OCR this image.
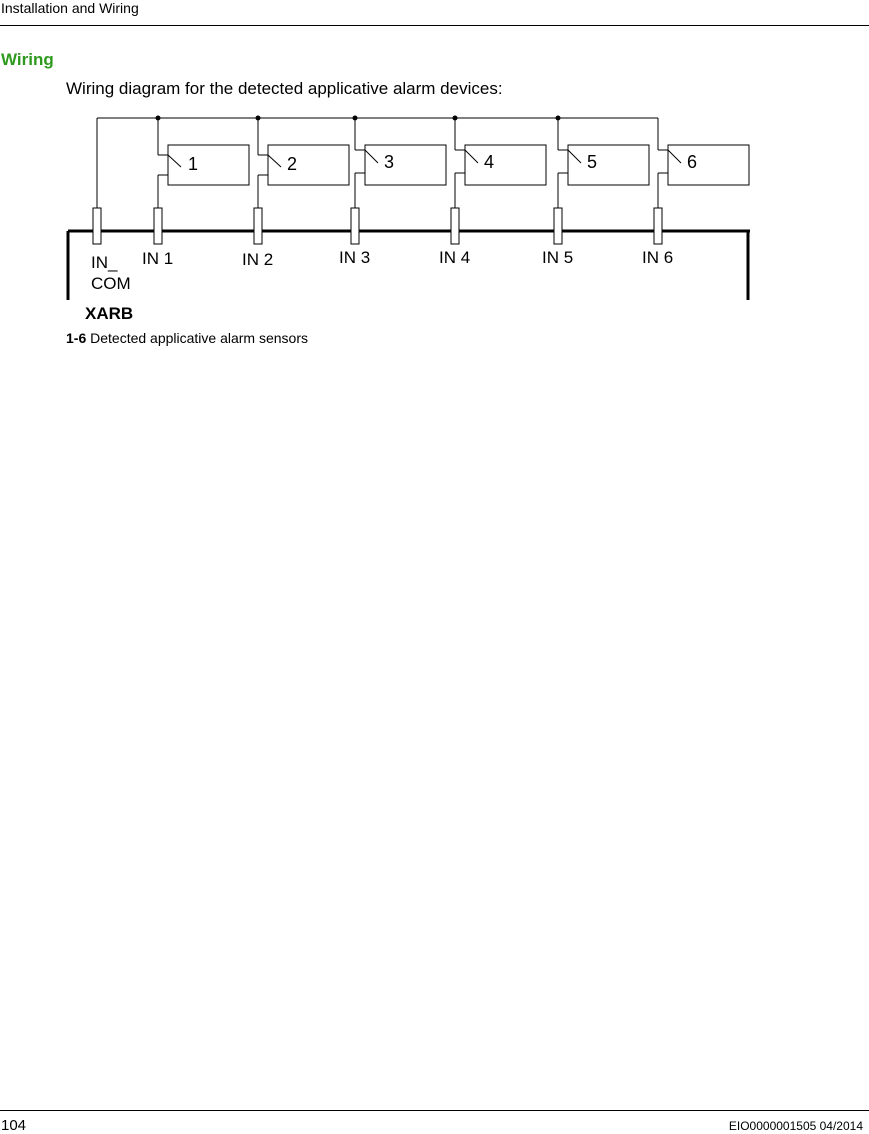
Installation and Wiring
Wiring
Wiring diagram for the detected applicative alarm devices:
1	2	3	4	5	6
IN_
COM
IN 1	IN 2	IN 3	IN 4	IN 5	IN 6
XARB
1-6 Detected applicative alarm sensors
104	EIO0000001505 04/2014
